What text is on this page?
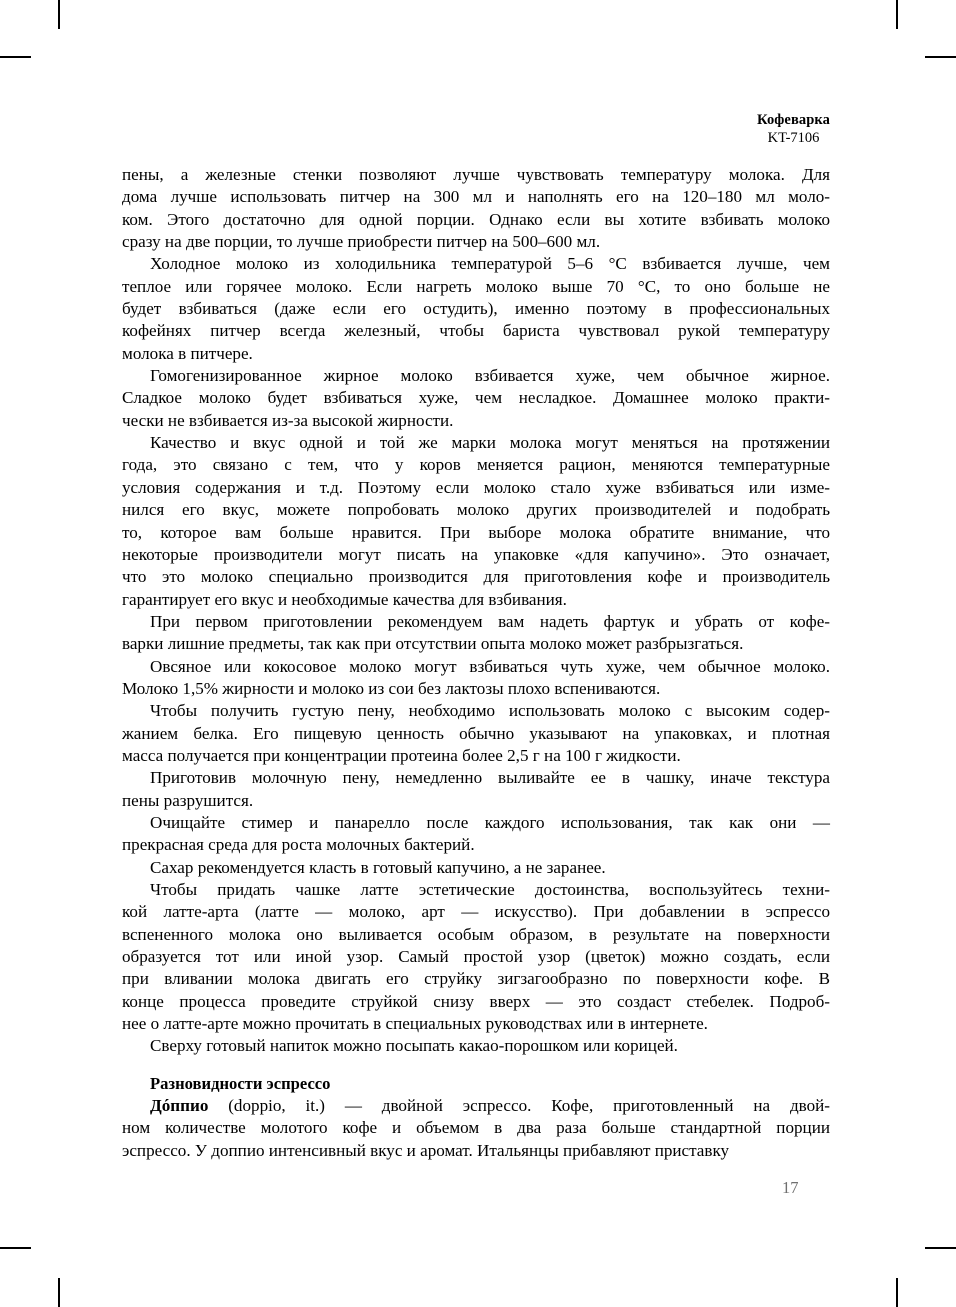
Кофеварка
KT-7106

пены, а железные стенки позволяют лучше чувствовать температуру молока. Для
дома лучше использовать питчер на 300 мл и наполнять его на 120–180 мл моло-
ком. Этого достаточно для одной порции. Однако если вы хотите взбивать молоко
сразу на две порции, то лучше приобрести питчер на 500–600 мл.

Холодное молоко из холодильника температурой 5–6 °C взбивается лучше, чем
теплое или горячее молоко. Если нагреть молоко выше 70 °C, то оно больше не
будет взбиваться (даже если его остудить), именно поэтому в профессиональных
кофейнях питчер всегда железный, чтобы бариста чувствовал рукой температуру
молока в питчере.

Гомогенизированное жирное молоко взбивается хуже, чем обычное жирное.
Сладкое молоко будет взбиваться хуже, чем несладкое. Домашнее молоко практи-
чески не взбивается из-за высокой жирности.

Качество и вкус одной и той же марки молока могут меняться на протяжении
года, это связано с тем, что у коров меняется рацион, меняются температурные
условия содержания и т.д. Поэтому если молоко стало хуже взбиваться или изме-
нился его вкус, можете попробовать молоко других производителей и подобрать
то, которое вам больше нравится. При выборе молока обратите внимание, что
некоторые производители могут писать на упаковке «для капучино». Это означает,
что это молоко специально производится для приготовления кофе и производитель
гарантирует его вкус и необходимые качества для взбивания.

При первом приготовлении рекомендуем вам надеть фартук и убрать от кофе-
варки лишние предметы, так как при отсутствии опыта молоко может разбрызгаться.

Овсяное или кокосовое молоко могут взбиваться чуть хуже, чем обычное молоко.
Молоко 1,5% жирности и молоко из сои без лактозы плохо вспениваются.

Чтобы получить густую пену, необходимо использовать молоко с высоким содер-
жанием белка. Его пищевую ценность обычно указывают на упаковках, и плотная
масса получается при концентрации протеина более 2,5 г на 100 г жидкости.

Приготовив молочную пену, немедленно выливайте ее в чашку, иначе текстура
пены разрушится.

Очищайте стимер и панарелло после каждого использования, так как они —
прекрасная среда для роста молочных бактерий.

Сахар рекомендуется класть в готовый капучино, а не заранее.

Чтобы придать чашке латте эстетические достоинства, воспользуйтесь техни-
кой латте-арта (латте — молоко, арт — искусство). При добавлении в эспрессо
вспененного молока оно выливается особым образом, в результате на поверхности
образуется тот или иной узор. Самый простой узор (цветок) можно создать, если
при вливании молока двигать его струйку зигзагообразно по поверхности кофе. В
конце процесса проведите струйкой снизу вверх — это создаст стебелек. Подроб-
нее о латте-арте можно прочитать в специальных руководствах или в интернете.

Сверху готовый напиток можно посыпать какао-порошком или корицей.

Разновидности эспрессо

Дóппио (doppio, it.) — двойной эспрессо. Кофе, приготовленный на двой-
ном количестве молотого кофе и объемом в два раза больше стандартной порции
эспрессо. У доппио интенсивный вкус и аромат. Итальянцы прибавляют приставку

17
